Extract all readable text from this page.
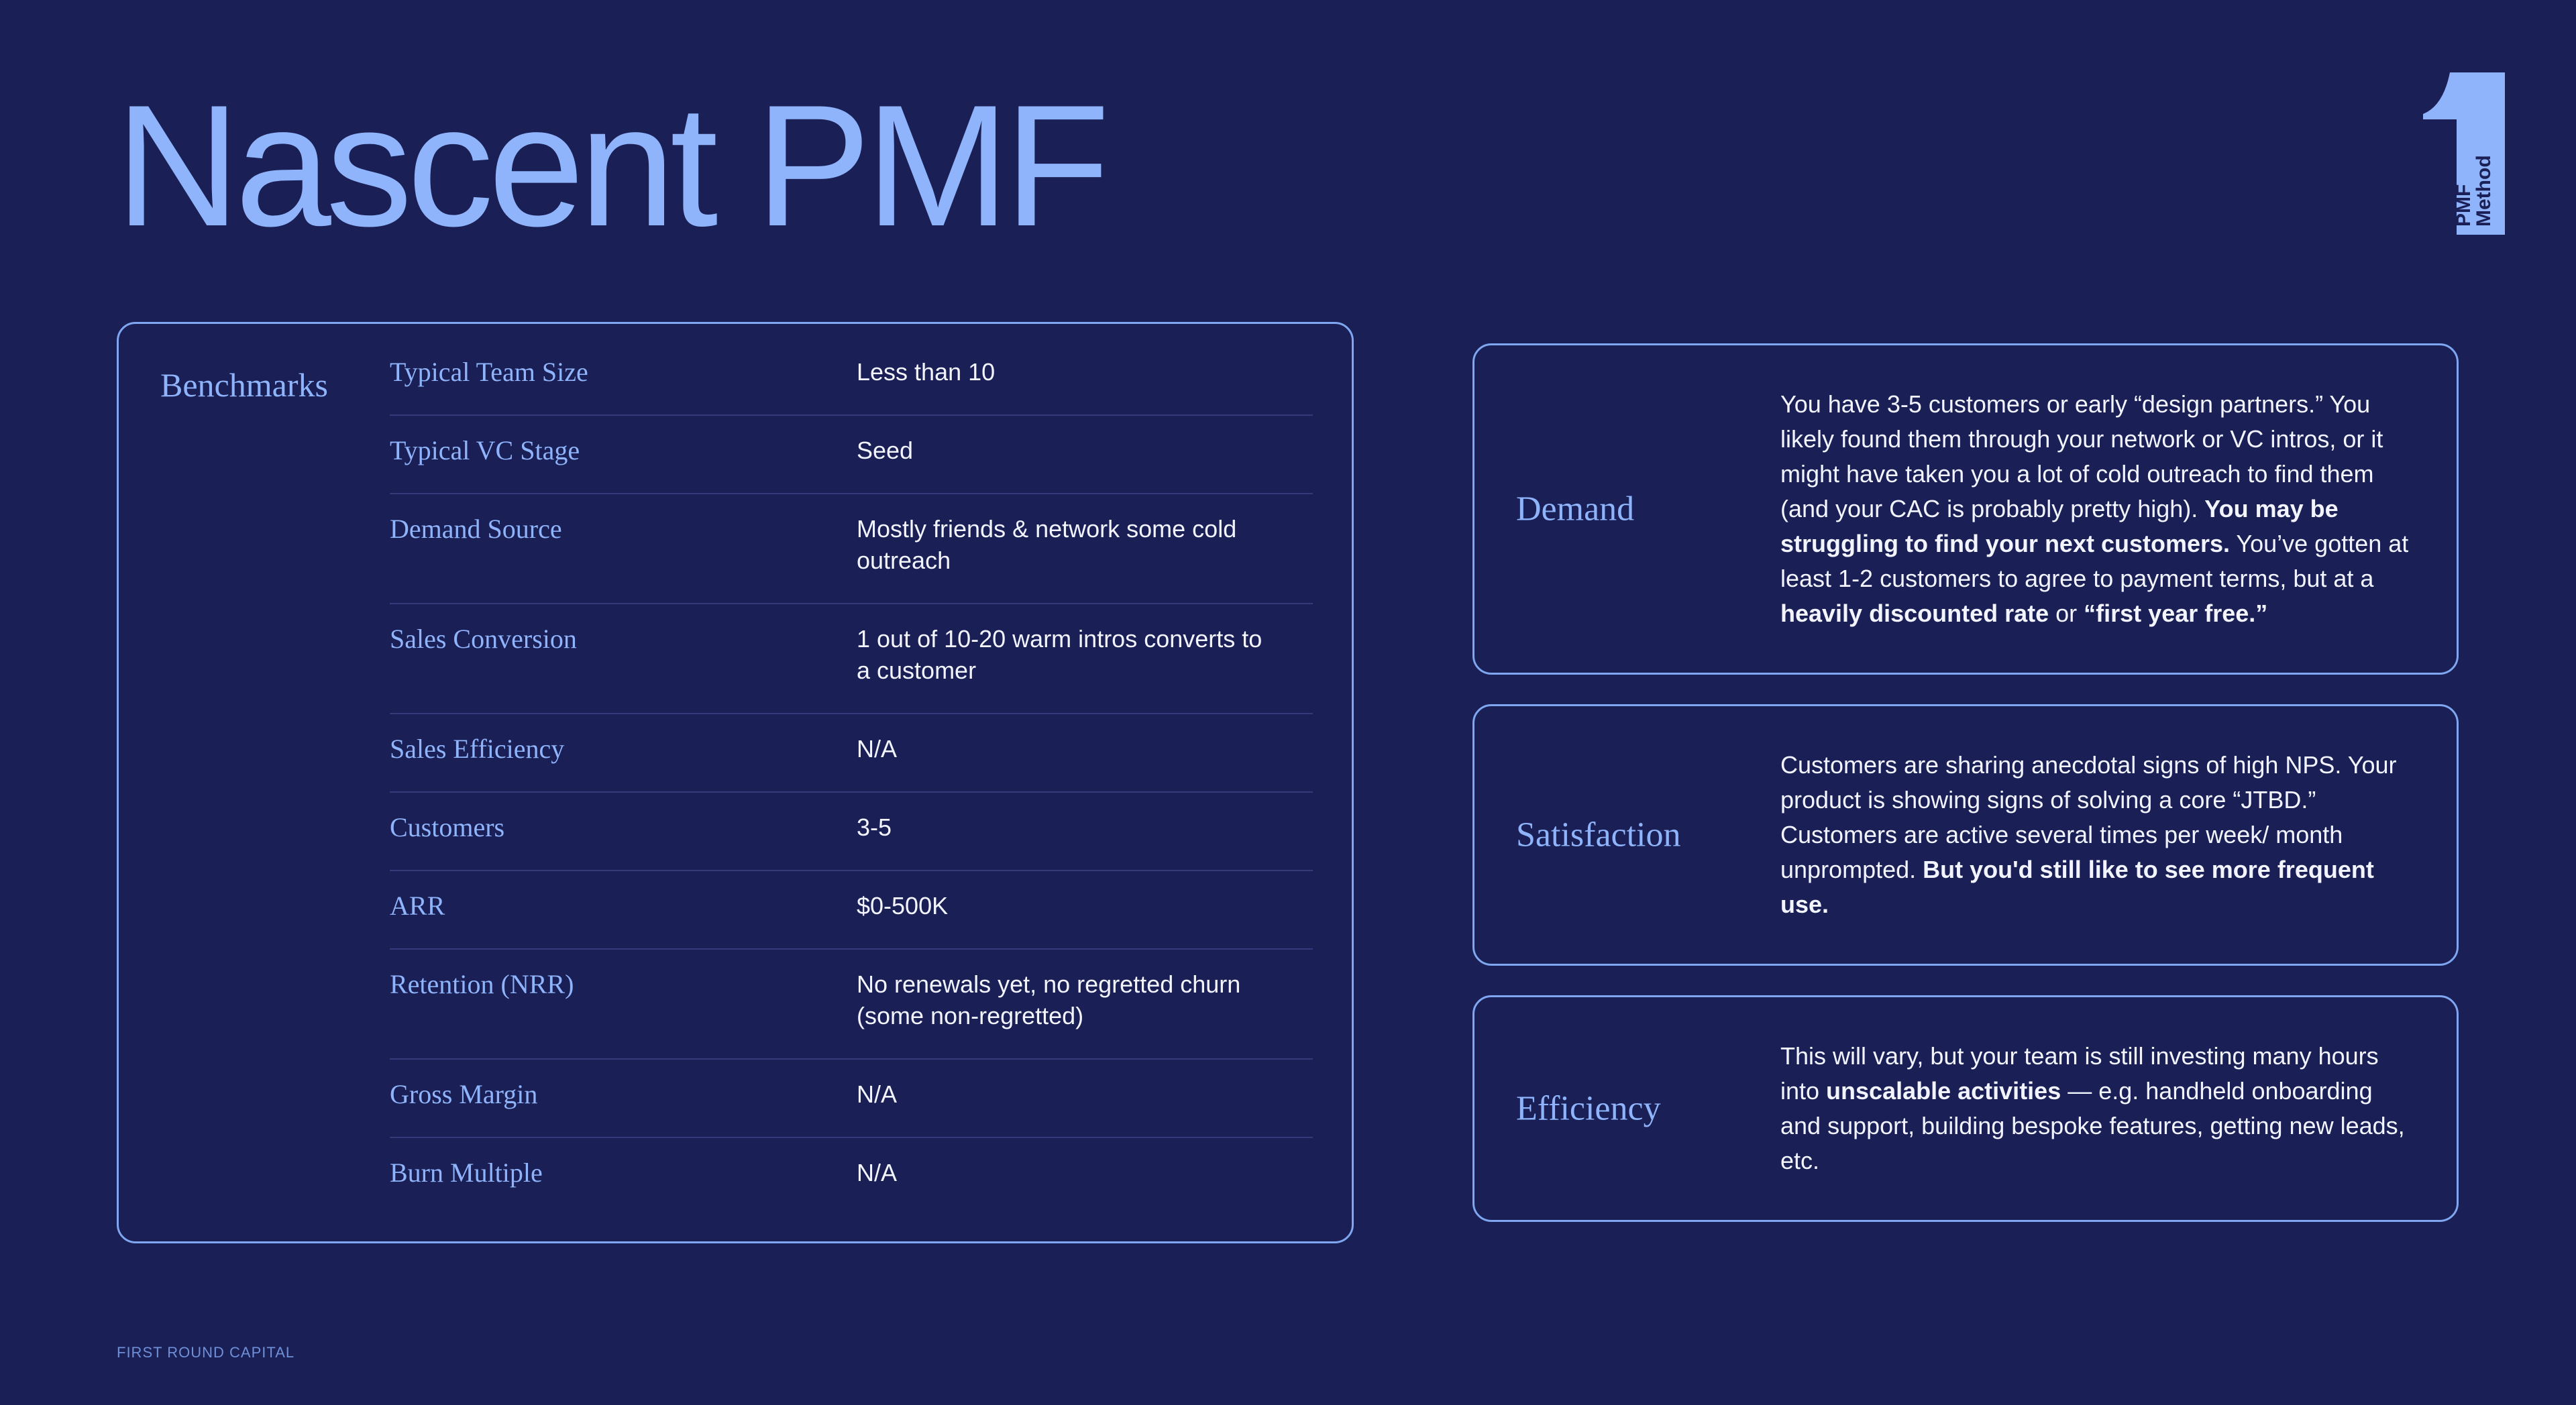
Nascent PMF	PMF
Method
Benchmarks Typical Team Size	Less than 10
Typical VC Stage	Seed
Demand Source	Mostly friends & network some cold outreach
Sales Conversion	1 out of 10-20 warm intros converts to a customer
Sales Efficiency	N/A
Customers	3-5
ARR	$0-500K
Retention (NRR)	No renewals yet, no regretted churn (some non-regretted)
Gross Margin	N/A
Burn Multiple	N/A
Demand
You have 3-5 customers or early “design partners.” You likely found them through your network or VC intros, or it might have taken you a lot of cold outreach to find them (and your CAC is probably pretty high). You may be struggling to find your next customers. You’ve gotten at least 1-2 customers to agree to payment terms, but at a heavily discounted rate or “first year free.”
Satisfaction
Customers are sharing anecdotal signs of high NPS. Your product is showing signs of solving a core “JTBD.” Customers are active several times per week/ month unprompted. But you'd still like to see more frequent use.
Efficiency
This will vary, but your team is still investing many hours into unscalable activities — e.g. handheld onboarding and support, building bespoke features, getting new leads, etc.
FIRST ROUND CAPITAL
